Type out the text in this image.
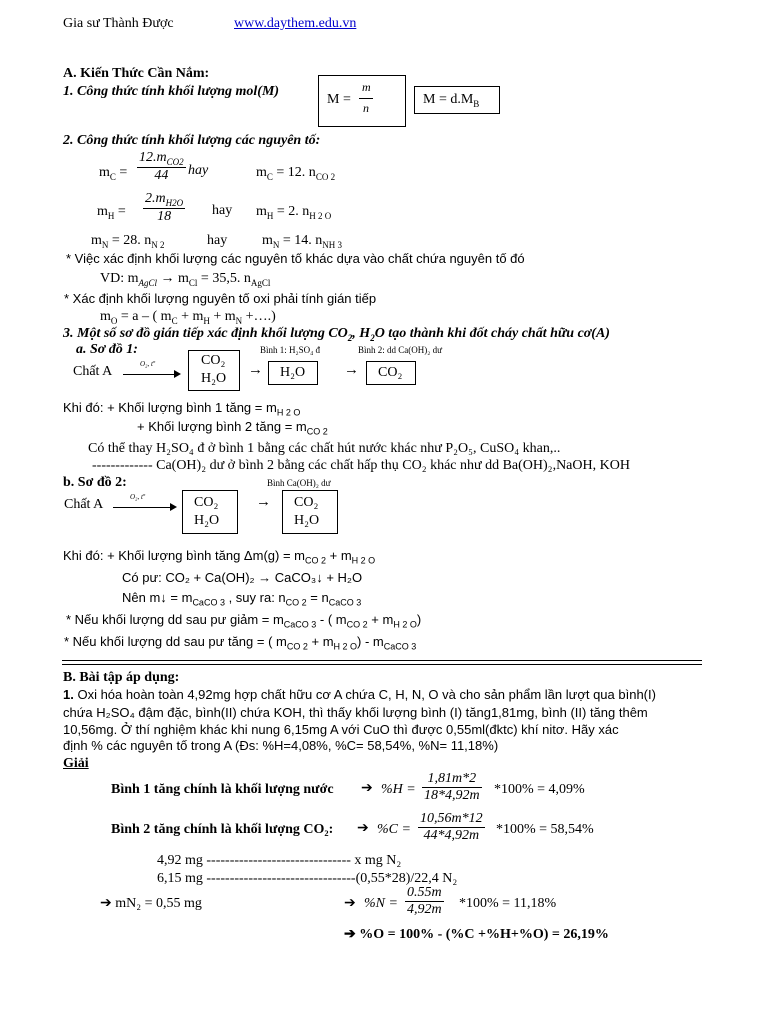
Gia sư Thành Được	www.daythem.edu.vn
A. Kiến Thức Cần Nắm:
1. Công thức tính khối lượng mol(M)
M =
m
n
$M = d.M_B$
2. Công thức tính khối lượng các nguyên tố:
$m_C = \frac{12.m_{CO2}}{44}$ hay	$m_C = 12$. $n_{CO 2}$
$m_H = \frac{2.m_{H2O}}{18}$ hay $m_H = 2$. $n_{H 2 O}$
$m_N = 28$. $n_{N 2}$	hay $m_N = 14$. $n_{NH 3}$
* Việc xác định khối lượng các nguyên tố khác dựa vào chất chứa nguyên tố đó
VD: $m_{AgCl} \to m_{Cl} = 35,5$. $n_{AgCl}$
* Xác định khối lượng nguyên tố oxi phải tính gián tiếp
$m_O = a$ – ( $m_C + m_H + m_N$ +….)
3. Một số sơ đồ gián tiếp xác định khối lượng $CO_2$, $H_2O$ tạo thành khi đốt cháy chất hữu cơ(A)
a. Sơ đồ 1:	Bình 1: H₂SO₄ đ	Bình 2: dd Ca(OH)₂ dư
Chất A	O₂, tº	CO₂
H₂O
→ H₂O	→ CO₂
Khi đó: + Khối lượng bình 1 tăng = $m_{H 2 O}$
+ Khối lượng bình 2 tăng = $m_{CO 2}$
Có thể thay H₂SO₄ đ ở bình 1 bằng các chất hút nước khác như P₂O₅, CuSO₄ khan,..
------------- Ca(OH)₂ dư ở bình 2 bằng các chất hấp thụ CO₂ khác như dd Ba(OH)₂,NaOH, KOH
b. Sơ đồ 2:	Bình Ca(OH)₂ dư
Chất A	O₂, tº	CO₂
H₂O
→ CO₂
H₂O
Khi đó: + Khối lượng bình tăng $\Delta m(g) = m_{CO 2} + m_{H 2 O}$
Có pư: CO₂ + Ca(OH)₂ → CaCO₃↓ + H₂O
Nên m↓ = $m_{CaCO 3}$ , suy ra: $n_{CO 2} = n_{CaCO 3}$
* Nếu khối lượng dd sau pư giảm = $m_{CaCO 3}$ - ( $m_{CO 2} + m_{H 2 O}$)
* Nếu khối lượng dd sau pư tăng = ( $m_{CO 2} + m_{H 2 O}) - m_{CaCO 3}$
B. Bài tập áp dụng:
1. Oxi hóa hoàn toàn 4,92mg hợp chất hữu cơ A chứa C, H, N, O và cho sản phẩm lần lượt qua bình(I)
chứa H₂SO₄ đậm đặc, bình(II) chứa KOH, thì thấy khối lượng bình (I) tăng1,81mg, bình (II) tăng thêm
10,56mg. Ở thí nghiệm khác khi nung 6,15mg A với CuO thì được 0,55ml(đktc) khí nitơ. Hãy xác
định % các nguyên tố trong A (Đs: %H=4,08%, %C= 58,54%, %N= 11,18%)
Giải
Bình 1 tăng chính là khối lượng nước ➔ $\%H = \frac{1,81m*2}{18*4,92m} *100\% = 4,09\%$
Bình 2 tăng chính là khối lượng CO₂: ➔ $\%C = \frac{10,56m*12}{44*4,92m} *100\% = 58,54\%$
4,92 mg ------------------------------- x mg N₂
6,15 mg --------------------------------(0,55*28)/22,4 N₂
➔ mN₂ = 0,55 mg	➔ $\%N = \frac{0.55m}{4,92m} *100\% = 11,18\%$
➔ %O = 100% - (%C +%H+%O) = 26,19%
